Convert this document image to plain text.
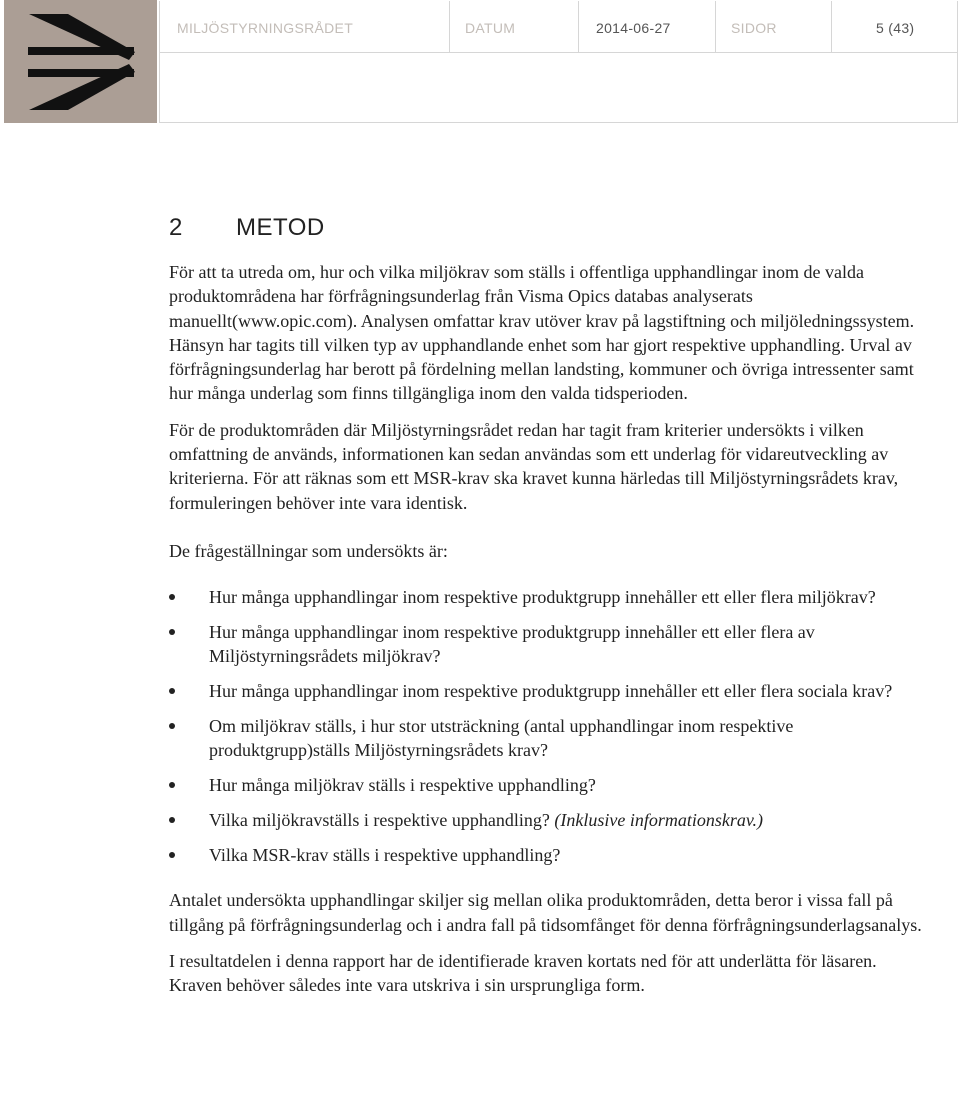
MILJÖSTYRNINGSRÅDET	DATUM	2014-06-27	SIDOR	5 (43)
2 METOD

För att ta utreda om, hur och vilka miljökrav som ställs i offentliga upphandlingar inom de valda produktområdena har förfrågningsunderlag från Visma Opics databas analyserats manuellt(www.opic.com). Analysen omfattar krav utöver krav på lagstiftning och miljöledningssystem. Hänsyn har tagits till vilken typ av upphandlande enhet som har gjort respektive upphandling. Urval av förfrågningsunderlag har berott på fördelning mellan landsting, kommuner och övriga intressenter samt hur många underlag som finns tillgängliga inom den valda tidsperioden.

För de produktområden där Miljöstyrningsrådet redan har tagit fram kriterier undersökts i vilken omfattning de används, informationen kan sedan användas som ett underlag för vidareutveckling av kriterierna. För att räknas som ett MSR-krav ska kravet kunna härledas till Miljöstyrningsrådets krav, formuleringen behöver inte vara identisk.

De frågeställningar som undersökts är:

Hur många upphandlingar inom respektive produktgrupp innehåller ett eller flera miljökrav?
Hur många upphandlingar inom respektive produktgrupp innehåller ett eller flera av Miljöstyrningsrådets miljökrav?
Hur många upphandlingar inom respektive produktgrupp innehåller ett eller flera sociala krav?
Om miljökrav ställs, i hur stor utsträckning (antal upphandlingar inom respektive produktgrupp)ställs Miljöstyrningsrådets krav?
Hur många miljökrav ställs i respektive upphandling?
Vilka miljökravställs i respektive upphandling? (Inklusive informationskrav.)
Vilka MSR-krav ställs i respektive upphandling?

Antalet undersökta upphandlingar skiljer sig mellan olika produktområden, detta beror i vissa fall på tillgång på förfrågningsunderlag och i andra fall på tidsomfånget för denna förfrågningsunderlagsanalys.

I resultatdelen i denna rapport har de identifierade kraven kortats ned för att underlätta för läsaren. Kraven behöver således inte vara utskriva i sin ursprungliga form.
